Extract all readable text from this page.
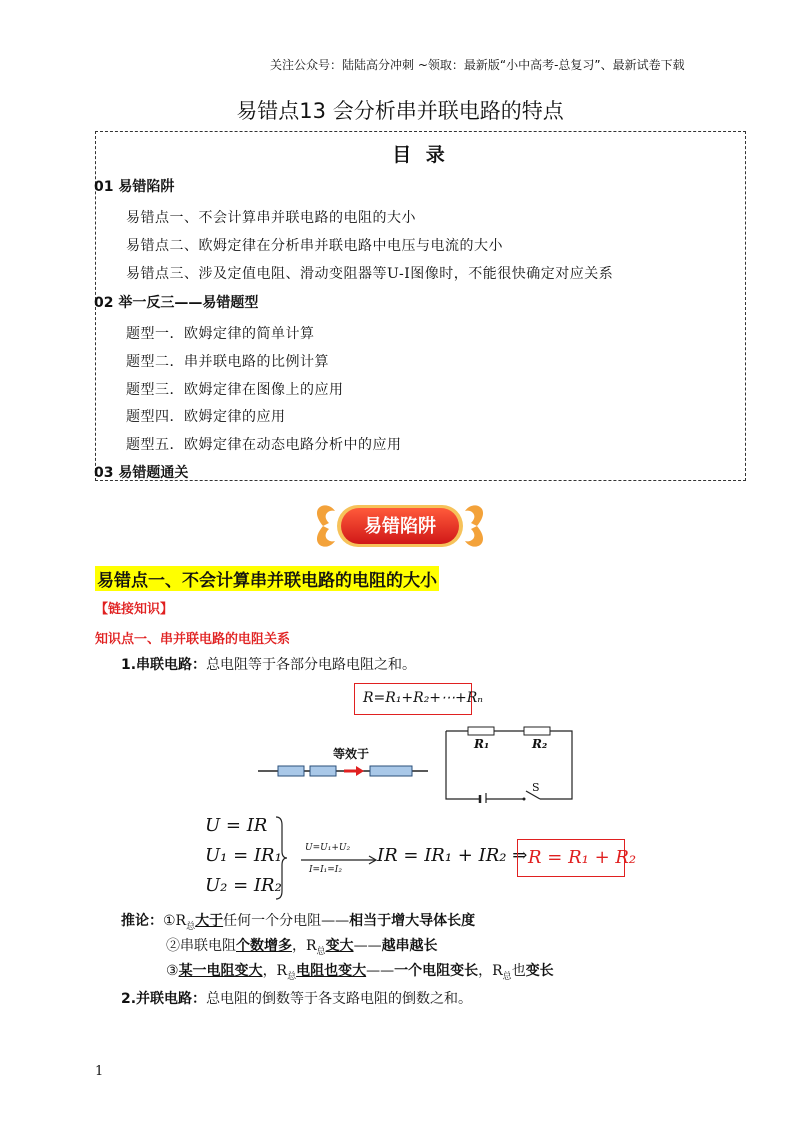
关注公众号：陆陆高分冲刺 ~领取：最新版“小中高考-总复习”、最新试卷下载
易错点13 会分析串并联电路的特点
目 录
01 易错陷阱
易错点一、不会计算串并联电路的电阻的大小
易错点二、欧姆定律在分析串并联电路中电压与电流的大小
易错点三、涉及定值电阻、滑动变阻器等U-I图像时，不能很快确定对应关系
02 举一反三——易错题型
题型一．欧姆定律的简单计算
题型二．串并联电路的比例计算
题型三．欧姆定律在图像上的应用
题型四．欧姆定律的应用
题型五．欧姆定律在动态电路分析中的应用
03 易错题通关
易错陷阱
易错点一、不会计算串并联电路的电阻的大小
【链接知识】
知识点一、串并联电路的电阻关系
1.串联电路：总电阻等于各部分电路电阻之和。
R=R₁+R₂+⋯+Rₙ
等效于
R₁	R₂
S
U = IR
U₁ = IR₁
U₂ = IR₂
U=U₁+U₂
I=I₁=I₂
IR = IR₁ + IR₂ ⇒ R = R₁ + R₂
推论：$①R_总$大于任何一个分电阻——相当于增大导体长度
②串联电阻个数增多，$R_总$变大——越串越长
③某一电阻变大，$R_总$电阻也变大——一个电阻变长，$R_总$也变长
2.并联电路：总电阻的倒数等于各支路电阻的倒数之和。
1
